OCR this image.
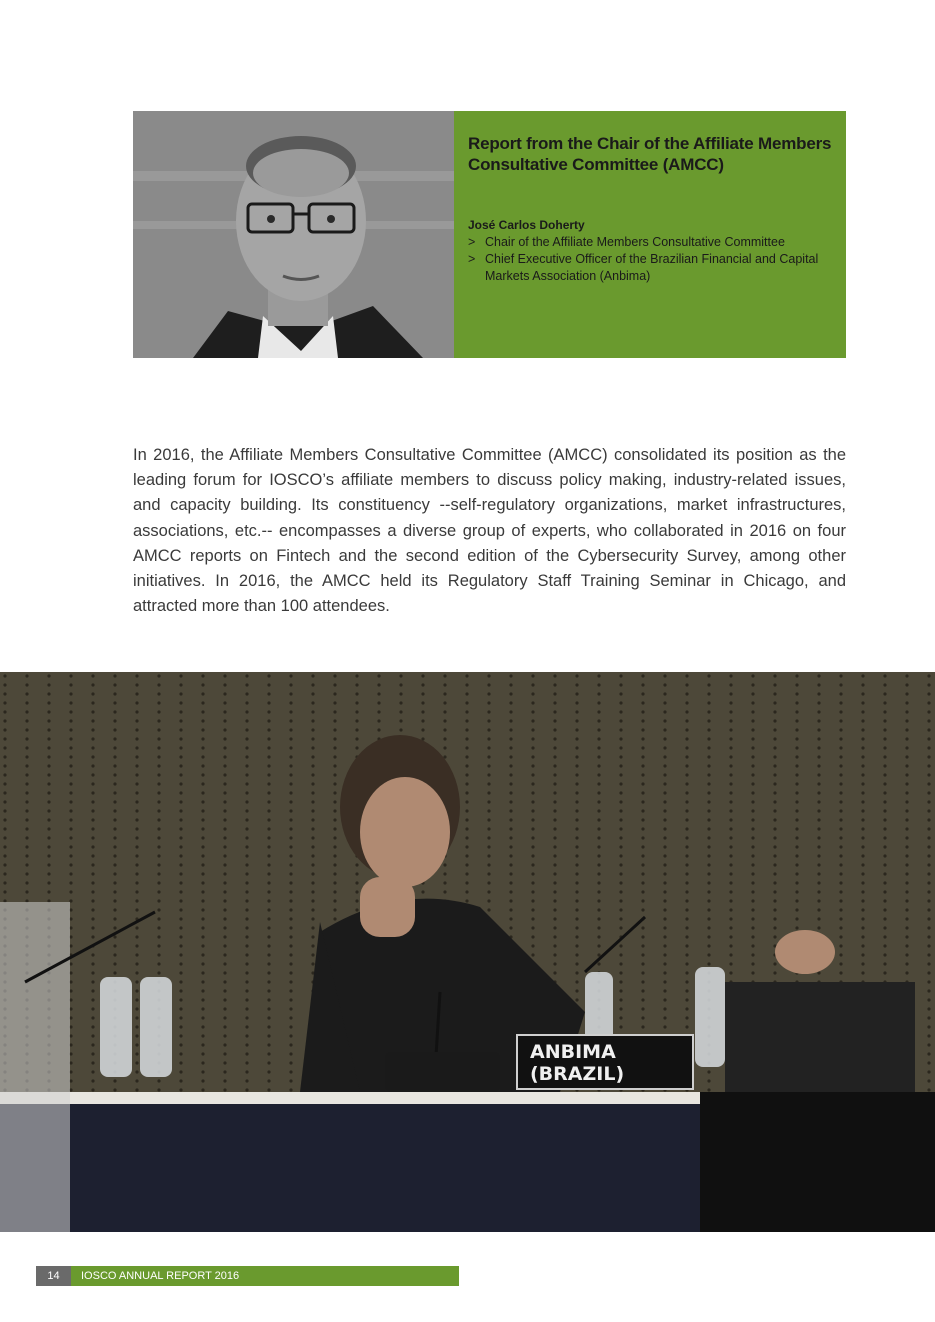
Report from the Chair of the Affiliate Members Consultative Committee (AMCC)
José Carlos Doherty
> Chair of the Affiliate Members Consultative Committee
> Chief Executive Officer of the Brazilian Financial and Capital Markets Association (Anbima)

In 2016, the Affiliate Members Consultative Committee (AMCC) consolidated its position as the leading forum for IOSCO’s affiliate members to discuss policy making, industry-related issues, and capacity building. Its constituency --self-regulatory organizations, market infrastructures, associations, etc.-- encompasses a diverse group of experts, who collaborated in 2016 on four AMCC reports on Fintech and the second edition of the Cybersecurity Survey, among other initiatives. In 2016, the AMCC held its Regulatory Staff Training Seminar in Chicago, and attracted more than 100 attendees.

ANBIMA
(BRAZIL)
14	IOSCO ANNUAL REPORT 2016
